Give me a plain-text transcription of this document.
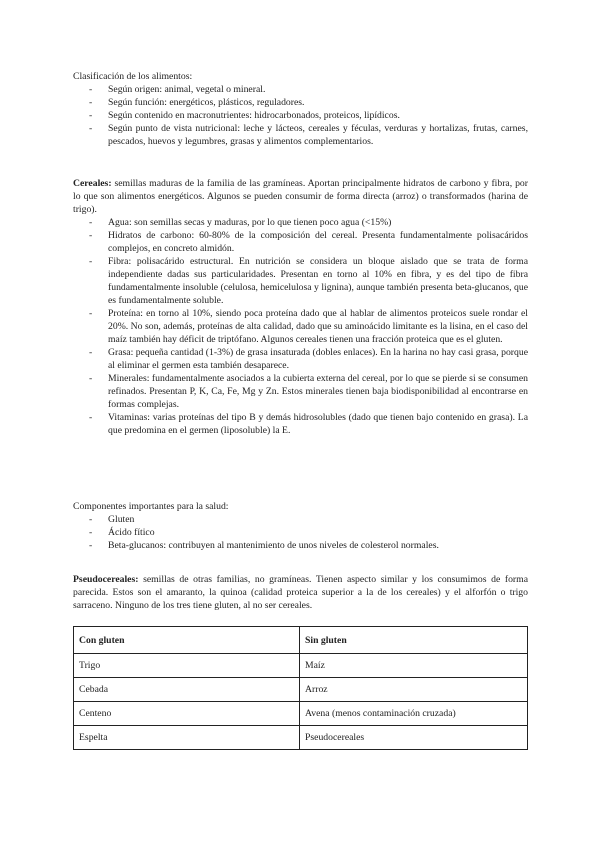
Clasificación de los alimentos:

- Según origen: animal, vegetal o mineral.
- Según función: energéticos, plásticos, reguladores.
- Según contenido en macronutrientes: hidrocarbonados, proteicos, lipídicos.
- Según punto de vista nutricional: leche y lácteos, cereales y féculas, verduras y hortalizas, frutas, carnes, pescados, huevos y legumbres, grasas y alimentos complementarios.

Cereales: semillas maduras de la familia de las gramíneas. Aportan principalmente hidratos de carbono y fibra, por lo que son alimentos energéticos. Algunos se pueden consumir de forma directa (arroz) o transformados (harina de trigo).

- Agua: son semillas secas y maduras, por lo que tienen poco agua (<15%)
- Hidratos de carbono: 60-80% de la composición del cereal. Presenta fundamentalmente polisacáridos complejos, en concreto almidón.
- Fibra: polisacárido estructural. En nutrición se considera un bloque aislado que se trata de forma independiente dadas sus particularidades. Presentan en torno al 10% en fibra, y es del tipo de fibra fundamentalmente insoluble (celulosa, hemicelulosa y lignina), aunque también presenta beta-glucanos, que es fundamentalmente soluble.
- Proteína: en torno al 10%, siendo poca proteína dado que al hablar de alimentos proteicos suele rondar el 20%. No son, además, proteínas de alta calidad, dado que su aminoácido limitante es la lisina, en el caso del maíz también hay déficit de triptófano. Algunos cereales tienen una fracción proteica que es el gluten.
- Grasa: pequeña cantidad (1-3%) de grasa insaturada (dobles enlaces). En la harina no hay casi grasa, porque al eliminar el germen esta también desaparece.
- Minerales: fundamentalmente asociados a la cubierta externa del cereal, por lo que se pierde si se consumen refinados. Presentan P, K, Ca, Fe, Mg y Zn. Estos minerales tienen baja biodisponibilidad al encontrarse en formas complejas.
- Vitaminas: varias proteínas del tipo B y demás hidrosolubles (dado que tienen bajo contenido en grasa). La que predomina en el germen (liposoluble) la E.

Componentes importantes para la salud:

- Gluten
- Ácido fítico
- Beta-glucanos: contribuyen al mantenimiento de unos niveles de colesterol normales.

Pseudocereales: semillas de otras familias, no gramíneas. Tienen aspecto similar y los consumimos de forma parecida. Estos son el amaranto, la quinoa (calidad proteica superior a la de los cereales) y el alforfón o trigo sarraceno. Ninguno de los tres tiene gluten, al no ser cereales.

Con gluten	Sin gluten
Trigo	Maíz
Cebada	Arroz
Centeno	Avena (menos contaminación cruzada)
Espelta	Pseudocereales
